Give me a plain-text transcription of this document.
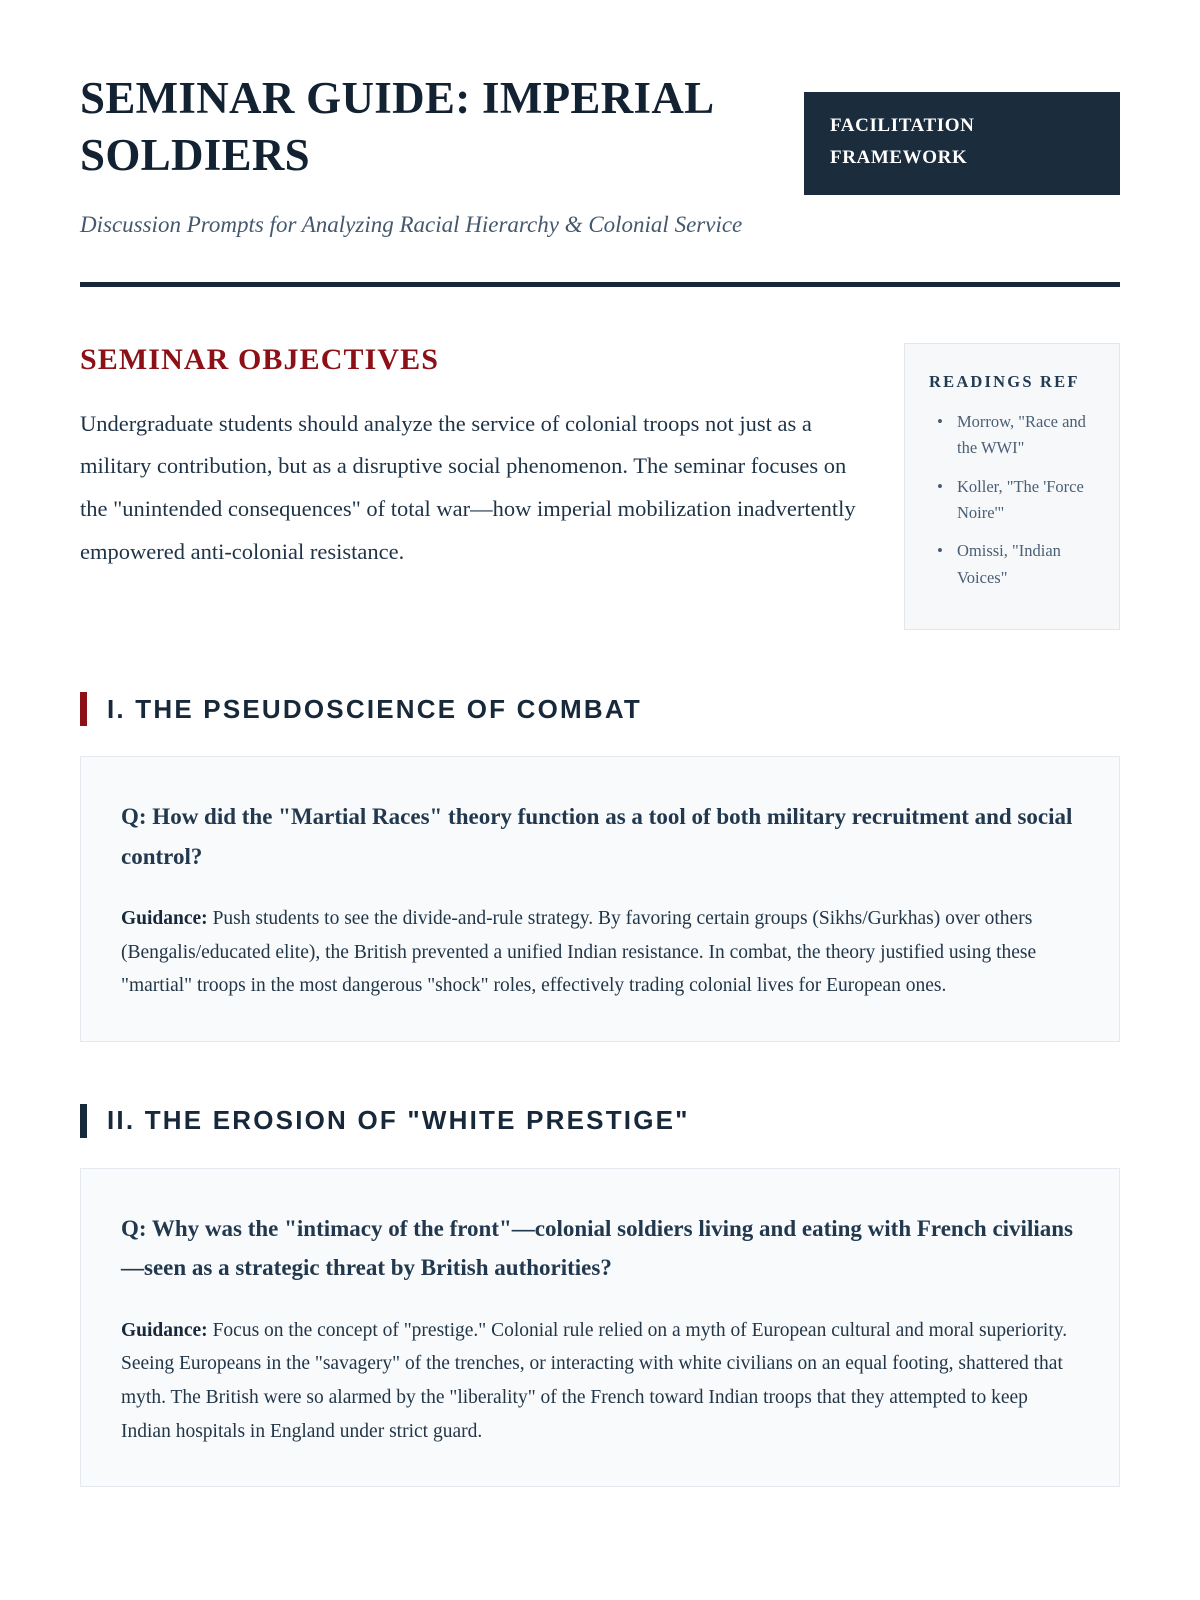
SEMINAR GUIDE: IMPERIAL SOLDIERS

Discussion Prompts for Analyzing Racial Hierarchy & Colonial Service

FACILITATION
FRAMEWORK
SEMINAR OBJECTIVES

Undergraduate students should analyze the service of colonial troops not just as a military contribution, but as a disruptive social phenomenon. The seminar focuses on the "unintended consequences" of total war—how imperial mobilization inadvertently empowered anti-colonial resistance.

READINGS REF
• Morrow, "Race and the WWI"
• Koller, "The 'Force Noire'"
• Omissi, "Indian Voices"
I. THE PSEUDOSCIENCE OF COMBAT

Q: How did the "Martial Races" theory function as a tool of both military recruitment and social control?

Guidance: Push students to see the divide-and-rule strategy. By favoring certain groups (Sikhs/Gurkhas) over others (Bengalis/educated elite), the British prevented a unified Indian resistance. In combat, the theory justified using these "martial" troops in the most dangerous "shock" roles, effectively trading colonial lives for European ones.

II. THE EROSION OF "WHITE PRESTIGE"

Q: Why was the "intimacy of the front"—colonial soldiers living and eating with French civilians—seen as a strategic threat by British authorities?

Guidance: Focus on the concept of "prestige." Colonial rule relied on a myth of European cultural and moral superiority. Seeing Europeans in the "savagery" of the trenches, or interacting with white civilians on an equal footing, shattered that myth. The British were so alarmed by the "liberality" of the French toward Indian troops that they attempted to keep Indian hospitals in England under strict guard.
